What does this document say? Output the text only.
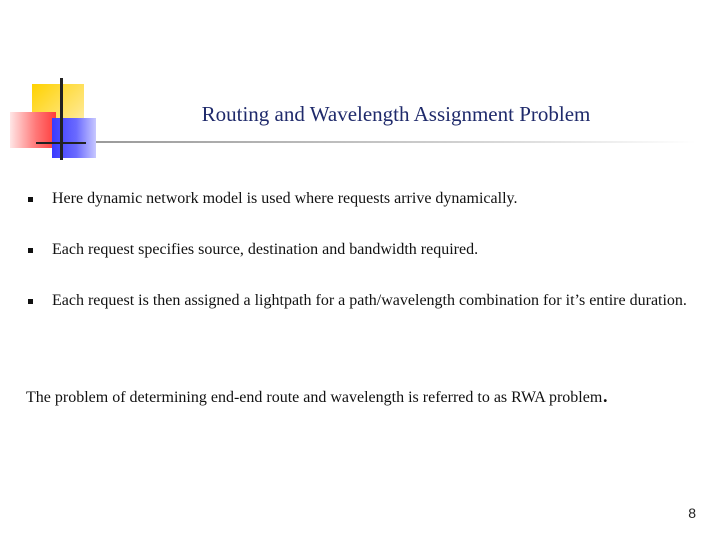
Routing and Wavelength Assignment Problem
Here dynamic network model is used where requests arrive dynamically.
Each request specifies source, destination and bandwidth required.
Each request is then assigned a lightpath for a path/wavelength combination for it’s entire duration.
The problem of determining end-end route and wavelength is referred to as RWA problem.
8
